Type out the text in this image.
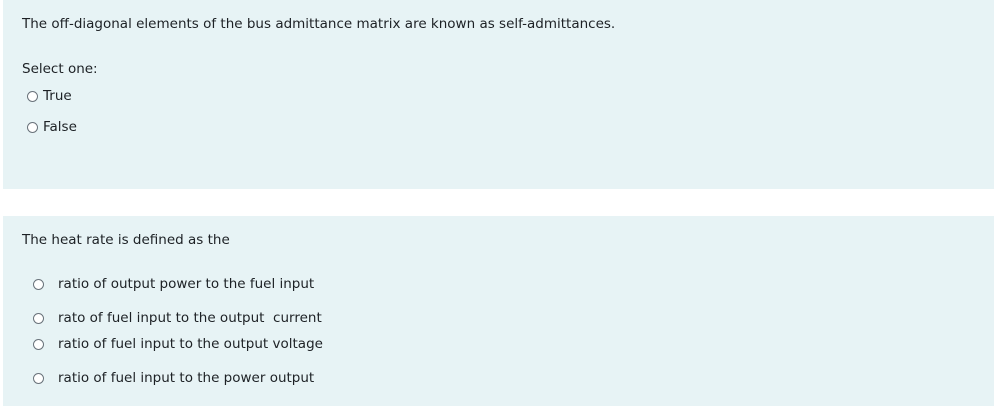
The off-diagonal elements of the bus admittance matrix are known as self-admittances.
Select one:
True
False
The heat rate is defined as the
ratio of output power to the fuel input
rato of fuel input to the output  current
ratio of fuel input to the output voltage
ratio of fuel input to the power output
